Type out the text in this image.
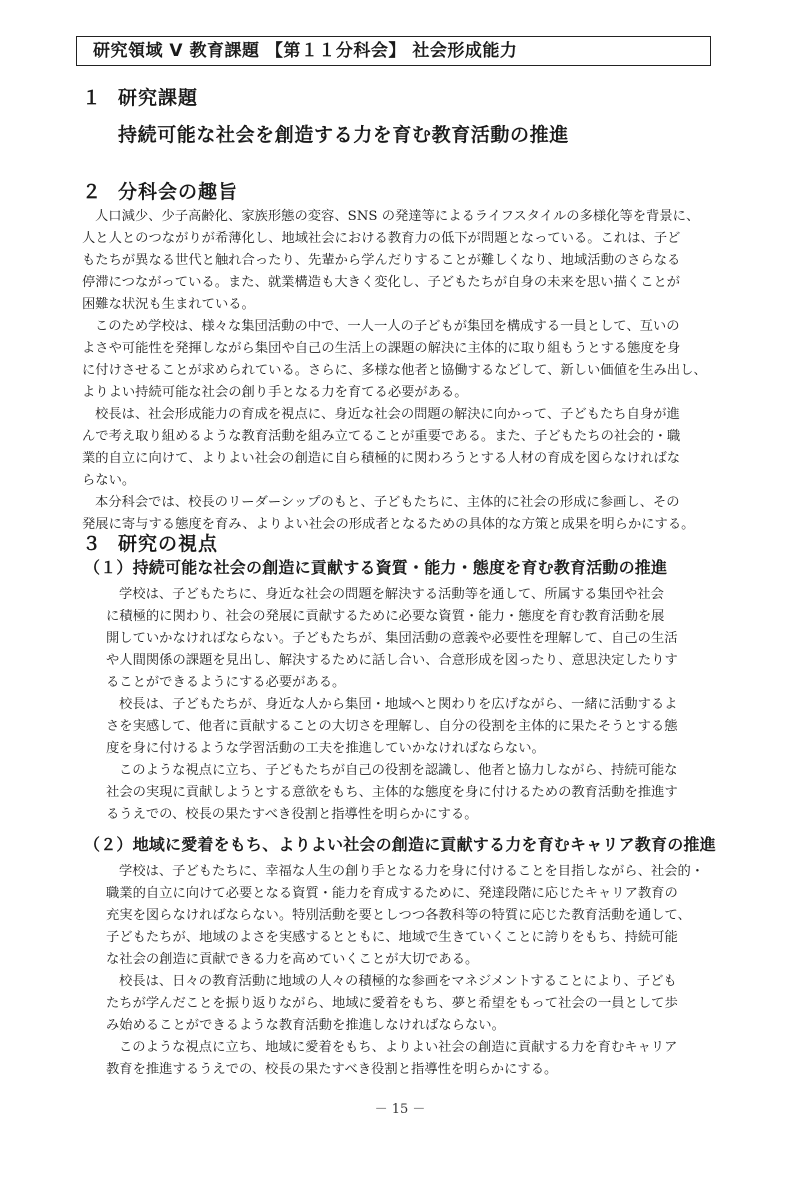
研究領域 Ⅴ 教育課題 【第１１分科会】 社会形成能力
１ 研究課題
持続可能な社会を創造する力を育む教育活動の推進
２ 分科会の趣旨
人口減少、少子高齢化、家族形態の変容、SNS の発達等によるライフスタイルの多様化等を背景に、
人と人とのつながりが希薄化し、地域社会における教育力の低下が問題となっている。これは、子ど
もたちが異なる世代と触れ合ったり、先輩から学んだりすることが難しくなり、地域活動のさらなる
停滞につながっている。また、就業構造も大きく変化し、子どもたちが自身の未来を思い描くことが
困難な状況も生まれている。
このため学校は、様々な集団活動の中で、一人一人の子どもが集団を構成する一員として、互いの
よさや可能性を発揮しながら集団や自己の生活上の課題の解決に主体的に取り組もうとする態度を身
に付けさせることが求められている。さらに、多様な他者と協働するなどして、新しい価値を生み出し、
よりよい持続可能な社会の創り手となる力を育てる必要がある。
校長は、社会形成能力の育成を視点に、身近な社会の問題の解決に向かって、子どもたち自身が進
んで考え取り組めるような教育活動を組み立てることが重要である。また、子どもたちの社会的・職
業的自立に向けて、よりよい社会の創造に自ら積極的に関わろうとする人材の育成を図らなければな
らない。
本分科会では、校長のリーダーシップのもと、子どもたちに、主体的に社会の形成に参画し、その
発展に寄与する態度を育み、よりよい社会の形成者となるための具体的な方策と成果を明らかにする。
３ 研究の視点
（１）持続可能な社会の創造に貢献する資質・能力・態度を育む教育活動の推進
学校は、子どもたちに、身近な社会の問題を解決する活動等を通して、所属する集団や社会
に積極的に関わり、社会の発展に貢献するために必要な資質・能力・態度を育む教育活動を展
開していかなければならない。子どもたちが、集団活動の意義や必要性を理解して、自己の生活
や人間関係の課題を見出し、解決するために話し合い、合意形成を図ったり、意思決定したりす
ることができるようにする必要がある。
校長は、子どもたちが、身近な人から集団・地域へと関わりを広げながら、一緒に活動するよ
さを実感して、他者に貢献することの大切さを理解し、自分の役割を主体的に果たそうとする態
度を身に付けるような学習活動の工夫を推進していかなければならない。
このような視点に立ち、子どもたちが自己の役割を認識し、他者と協力しながら、持続可能な
社会の実現に貢献しようとする意欲をもち、主体的な態度を身に付けるための教育活動を推進す
るうえでの、校長の果たすべき役割と指導性を明らかにする。
（２）地域に愛着をもち、よりよい社会の創造に貢献する力を育むキャリア教育の推進
学校は、子どもたちに、幸福な人生の創り手となる力を身に付けることを目指しながら、社会的・
職業的自立に向けて必要となる資質・能力を育成するために、発達段階に応じたキャリア教育の
充実を図らなければならない。特別活動を要としつつ各教科等の特質に応じた教育活動を通して、
子どもたちが、地域のよさを実感するとともに、地域で生きていくことに誇りをもち、持続可能
な社会の創造に貢献できる力を高めていくことが大切である。
校長は、日々の教育活動に地域の人々の積極的な参画をマネジメントすることにより、子ども
たちが学んだことを振り返りながら、地域に愛着をもち、夢と希望をもって社会の一員として歩
み始めることができるような教育活動を推進しなければならない。
このような視点に立ち、地域に愛着をもち、よりよい社会の創造に貢献する力を育むキャリア
教育を推進するうえでの、校長の果たすべき役割と指導性を明らかにする。
－ 15 －
